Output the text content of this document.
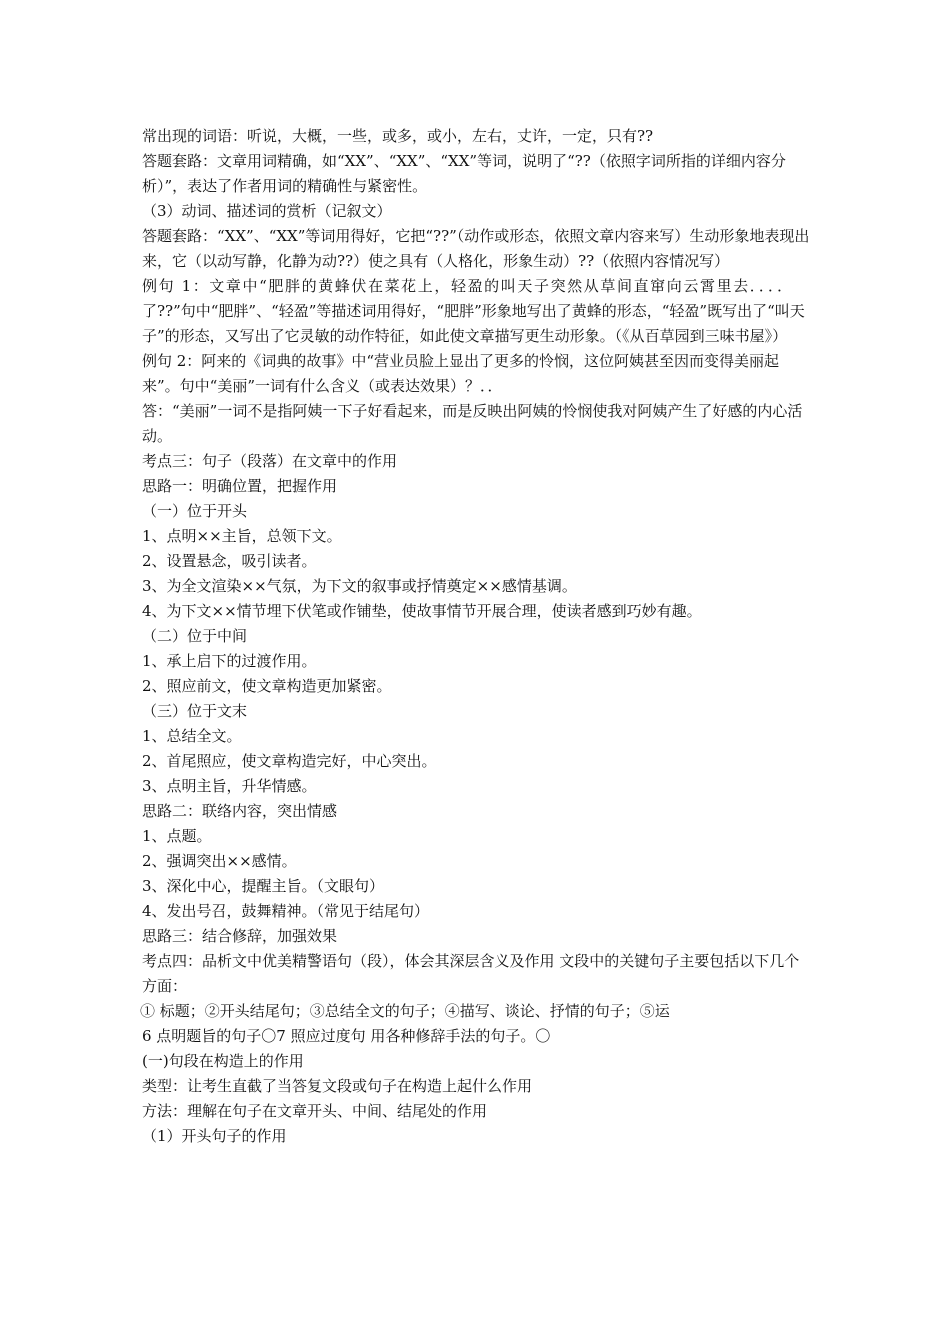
常出现的词语：听说，大概，一些，或多，或小，左右，丈许，一定，只有??

答题套路：文章用词精确，如“XX”、“XX”、“XX”等词，说明了“??（依照字词所指的详细内容分析）”，表达了作者用词的精确性与紧密性。

（3）动词、描述词的赏析（记叙文）

答题套路：“XX”、“XX”等词用得好，它把“??”（动作或形态，依照文章内容来写）生动形象地表现出来，它（以动写静，化静为动??）使之具有（人格化，形象生动）??（依照内容情况写）

例句 1：文章中“肥胖的黄蜂伏在菜花上，轻盈的叫天子突然从草间直窜向云霄里去．．．．

了??”句中“肥胖”、“轻盈”等描述词用得好，“肥胖”形象地写出了黄蜂的形态，“轻盈”既写出了“叫天子”的形态，又写出了它灵敏的动作特征，如此使文章描写更生动形象。（《从百草园到三味书屋》）

例句 2：阿来的《词典的故事》中“营业员脸上显出了更多的怜悯，这位阿姨甚至因而变得美丽起来”。句中“美丽”一词有什么含义（或表达效果）？．．

答：“美丽”一词不是指阿姨一下子好看起来，而是反映出阿姨的怜悯使我对阿姨产生了好感的内心活动。

考点三：句子（段落）在文章中的作用

思路一：明确位置，把握作用

（一）位于开头

1、点明××主旨，总领下文。

2、设置悬念，吸引读者。

3、为全文渲染××气氛，为下文的叙事或抒情奠定××感情基调。

4、为下文××情节埋下伏笔或作铺垫，使故事情节开展合理，使读者感到巧妙有趣。

（二）位于中间

1、承上启下的过渡作用。

2、照应前文，使文章构造更加紧密。

（三）位于文末

1、总结全文。

2、首尾照应，使文章构造完好，中心突出。

3、点明主旨，升华情感。

思路二：联络内容，突出情感

1、点题。

2、强调突出××感情。

3、深化中心，提醒主旨。（文眼句）

4、发出号召，鼓舞精神。（常见于结尾句）

思路三：结合修辞，加强效果

考点四：品析文中优美精警语句（段），体会其深层含义及作用 文段中的关键句子主要包括以下几个方面：

① 标题；②开头结尾句；③总结全文的句子；④描写、谈论、抒情的句子；⑤运

6 点明题旨的句子〇7 照应过度句 用各种修辞手法的句子。〇

(一)句段在构造上的作用

类型：让考生直截了当答复文段或句子在构造上起什么作用

方法：理解在句子在文章开头、中间、结尾处的作用

（1）开头句子的作用
